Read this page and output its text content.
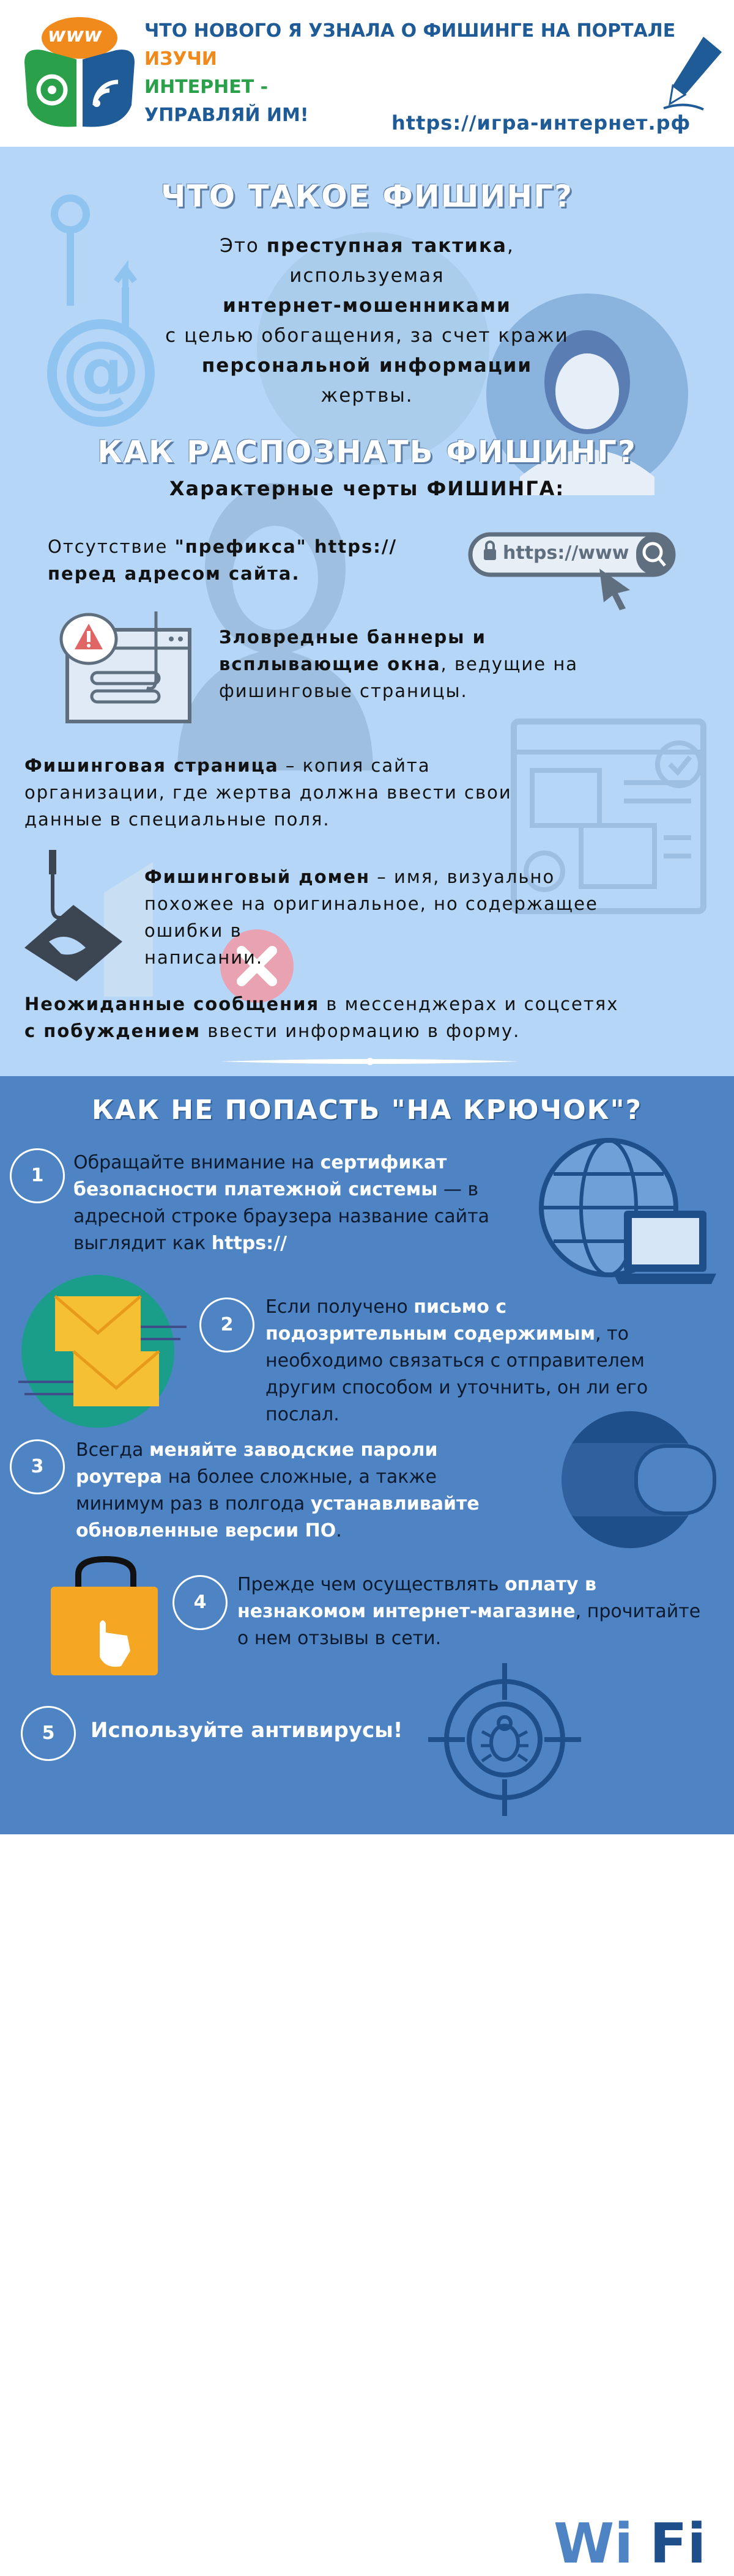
www ЧТО НОВОГО Я УЗНАЛА О ФИШИНГЕ НА ПОРТАЛЕ
ИЗУЧИ
ИНТЕРНЕТ -
УПРАВЛЯЙ ИМ!	https://игра-интернет.рф
@
ЧТО ТАКОЕ ФИШИНГ?
Это преступная тактика,
используемая
интернет-мошенниками
с целью обогащения, за счет кражи
персональной информации
жертвы.
КАК РАСПОЗНАТЬ ФИШИНГ?
Характерные черты ФИШИНГА:
Отсутствие "префикса" https://
перед адресом сайта.
https://www
Зловредные баннеры и
всплывающие окна, ведущие на
фишинговые страницы.
Фишинговая страница – копия сайта
организации, где жертва должна ввести свои
данные в специальные поля.
Фишинговый домен – имя, визуально
похожее на оригинальное, но содержащее
ошибки в
написании.
Неожиданные сообщения в мессенджерах и соцсетях
с побуждением ввести информацию в форму.
КАК НЕ ПОПАСТЬ "НА КРЮЧОК"?
1
Обращайте внимание на сертификат
безопасности платежной системы — в
адресной строке браузера название сайта
выглядит как https://
2
Если получено письмо с
подозрительным содержимым, то
необходимо связаться с отправителем
другим способом и уточнить, он ли его
послал.
3
Всегда меняйте заводские пароли
роутера на более сложные, а также
минимум раз в полгода устанавливайте
обновленные версии ПО.
Wi Fi
4
Прежде чем осуществлять оплату в
незнакомом интернет-магазине, прочитайте
о нем отзывы в сети.
5	Используйте антивирусы!
